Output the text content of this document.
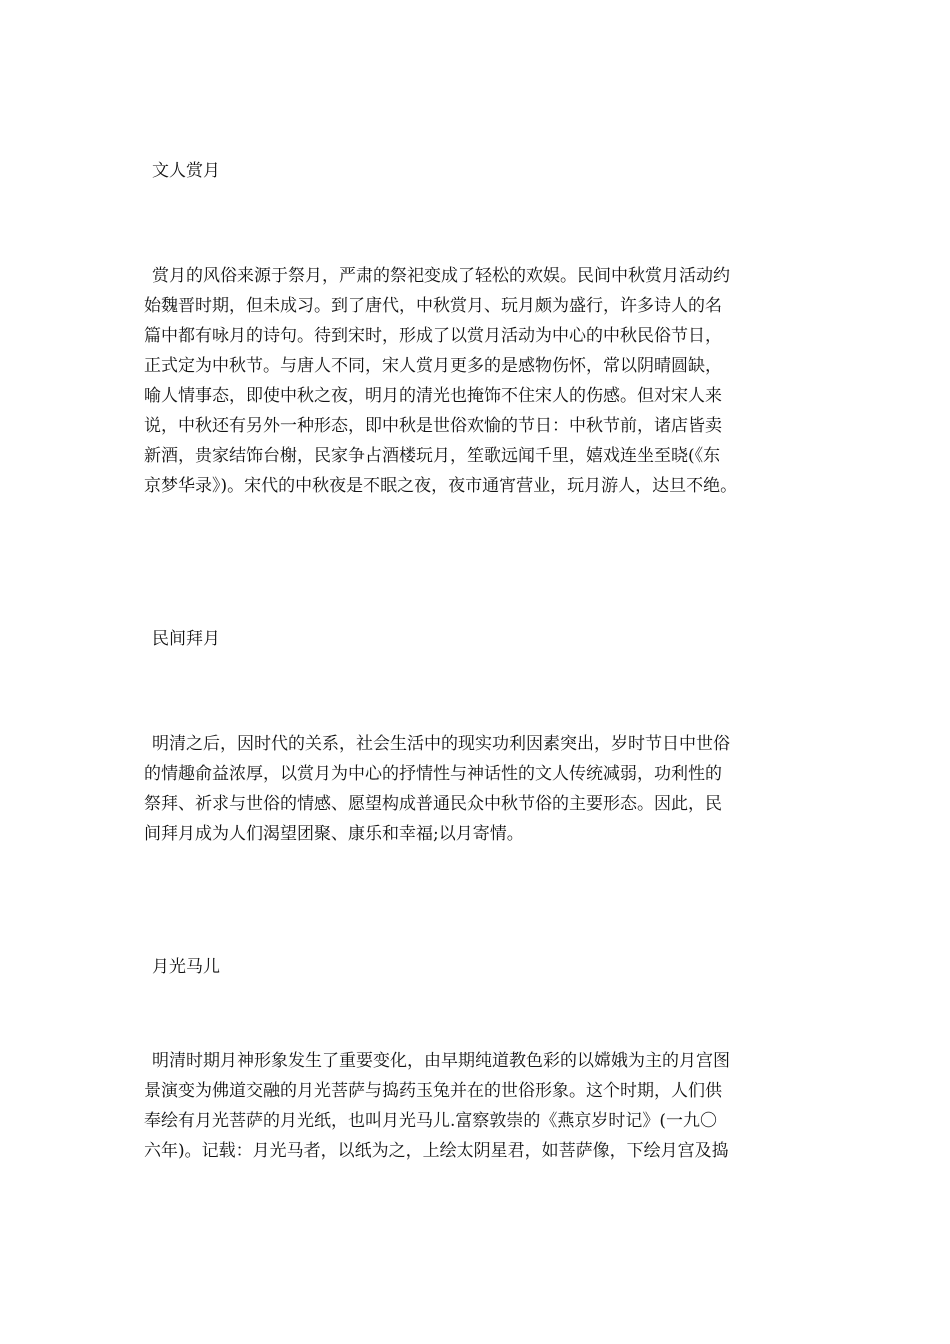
文人赏月
赏月的风俗来源于祭月，严肃的祭祀变成了轻松的欢娱。民间中秋赏月活动约
始魏晋时期，但未成习。到了唐代，中秋赏月、玩月颇为盛行，许多诗人的名
篇中都有咏月的诗句。待到宋时，形成了以赏月活动为中心的中秋民俗节日，
正式定为中秋节。与唐人不同，宋人赏月更多的是感物伤怀，常以阴晴圆缺，
喻人情事态，即使中秋之夜，明月的清光也掩饰不住宋人的伤感。但对宋人来
说，中秋还有另外一种形态，即中秋是世俗欢愉的节日：中秋节前，诸店皆卖
新酒，贵家结饰台榭，民家争占酒楼玩月，笙歌远闻千里，嬉戏连坐至晓(《东
京梦华录》)。宋代的中秋夜是不眠之夜，夜市通宵营业，玩月游人，达旦不绝。
民间拜月
明清之后，因时代的关系，社会生活中的现实功利因素突出，岁时节日中世俗
的情趣俞益浓厚，以赏月为中心的抒情性与神话性的文人传统减弱，功利性的
祭拜、祈求与世俗的情感、愿望构成普通民众中秋节俗的主要形态。因此，民
间拜月成为人们渴望团聚、康乐和幸福;以月寄情。
月光马儿
明清时期月神形象发生了重要变化，由早期纯道教色彩的以嫦娥为主的月宫图
景演变为佛道交融的月光菩萨与捣药玉兔并在的世俗形象。这个时期，人们供
奉绘有月光菩萨的月光纸，也叫月光马儿.富察敦崇的《燕京岁时记》(一九〇
六年)。记载：月光马者，以纸为之，上绘太阴星君，如菩萨像，下绘月宫及捣
